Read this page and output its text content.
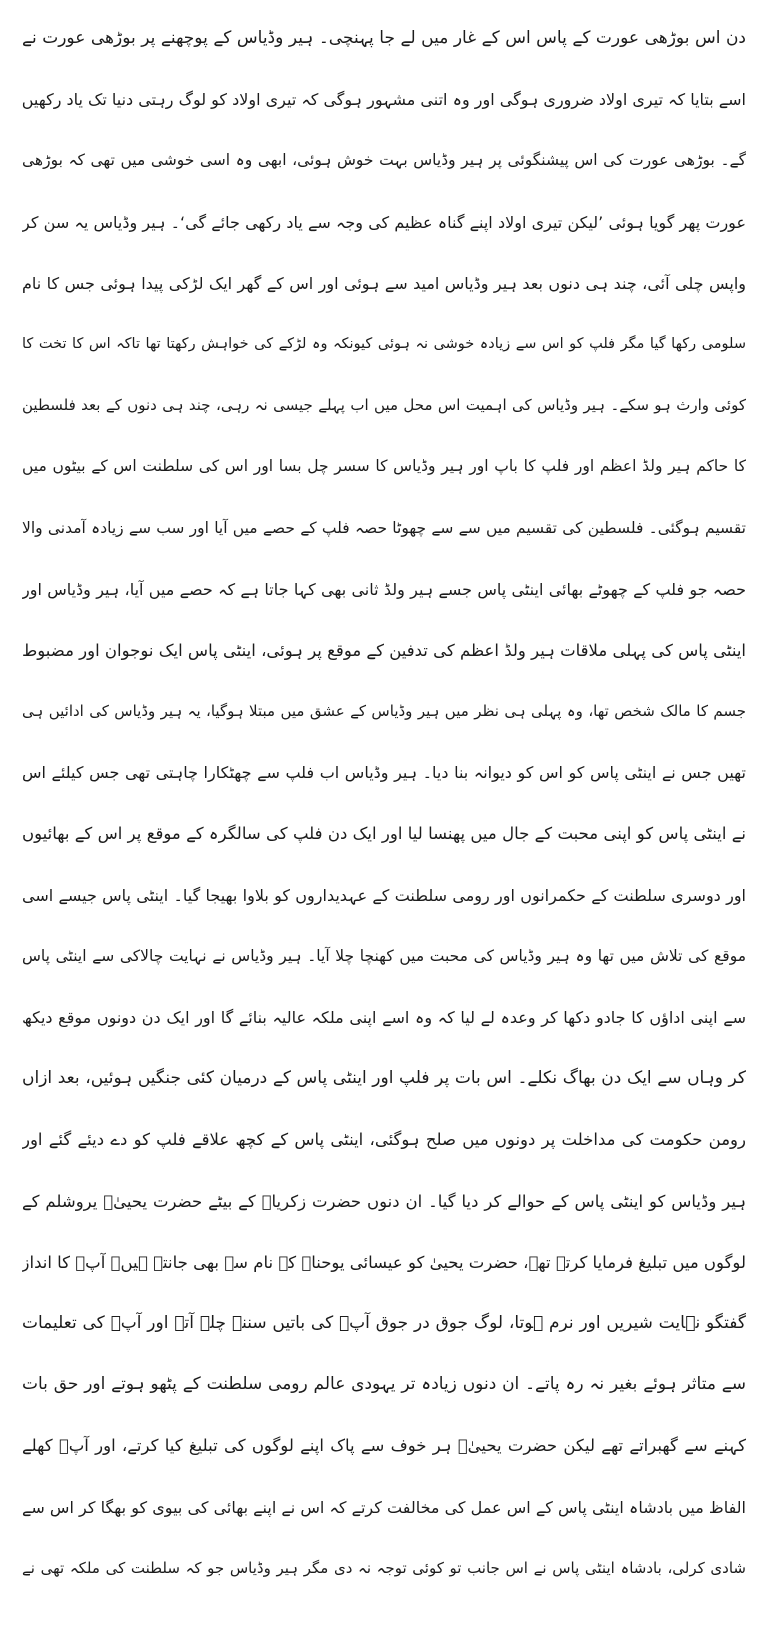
دن اس بوڑھی عورت کے پاس اس کے غار میں لے جا پہنچی۔ ہیر وڈیاس کے پوچھنے پر بوڑھی عورت نے
اسے بتایا کہ تیری اولاد ضروری ہوگی اور وہ اتنی مشہور ہوگی کہ تیری اولاد کو لوگ رہتی دنیا تک یاد رکھیں
گے۔ بوڑھی عورت کی اس پیشنگوئی پر ہیر وڈیاس بہت خوش ہوئی، ابھی وہ اسی خوشی میں تھی کہ بوڑھی
عورت پھر گویا ہوئی ’لیکن تیری اولاد اپنے گناہ عظیم کی وجہ سے یاد رکھی جائے گی‘۔ ہیر وڈیاس یہ سن کر
واپس چلی آئی، چند ہی دنوں بعد ہیر وڈیاس امید سے ہوئی اور اس کے گھر ایک لڑکی پیدا ہوئی جس کا نام
سلومی رکھا گیا مگر فلپ کو اس سے زیادہ خوشی نہ ہوئی کیونکہ وہ لڑکے کی خواہش رکھتا تھا تاکہ اس کا تخت کا
کوئی وارث ہو سکے۔ ہیر وڈیاس کی اہمیت اس محل میں اب پہلے جیسی نہ رہی، چند ہی دنوں کے بعد فلسطین
کا حاکم ہیر ولڈ اعظم اور فلپ کا باپ اور ہیر وڈیاس کا سسر چل بسا اور اس کی سلطنت اس کے بیٹوں میں
تقسیم ہوگئی۔ فلسطین کی تقسیم میں سے سے چھوٹا حصہ فلپ کے حصے میں آیا اور سب سے زیادہ آمدنی والا
حصہ جو فلپ کے چھوٹے بھائی اینٹی پاس جسے ہیر ولڈ ثانی بھی کہا جاتا ہے کہ حصے میں آیا، ہیر وڈیاس اور
اینٹی پاس کی پہلی ملاقات ہیر ولڈ اعظم کی تدفین کے موقع پر ہوئی، اینٹی پاس ایک نوجوان اور مضبوط
جسم کا مالک شخص تھا، وہ پہلی ہی نظر میں ہیر وڈیاس کے عشق میں مبتلا ہوگیا، یہ ہیر وڈیاس کی ادائیں ہی
تھیں جس نے اینٹی پاس کو اس کو دیوانہ بنا دیا۔ ہیر وڈیاس اب فلپ سے چھٹکارا چاہتی تھی جس کیلئے اس
نے اینٹی پاس کو اپنی محبت کے جال میں پھنسا لیا اور ایک دن فلپ کی سالگرہ کے موقع پر اس کے بھائیوں
اور دوسری سلطنت کے حکمرانوں اور رومی سلطنت کے عہدیداروں کو بلاوا بھیجا گیا۔ اینٹی پاس جیسے اسی
موقع کی تلاش میں تھا وہ ہیر وڈیاس کی محبت میں کھنچا چلا آیا۔ ہیر وڈیاس نے نہایت چالاکی سے اینٹی پاس
سے اپنی اداؤں کا جادو دکھا کر وعدہ لے لیا کہ وہ اسے اپنی ملکہ عالیہ بنائے گا اور ایک دن دونوں موقع دیکھ
کر وہاں سے ایک دن بھاگ نکلے۔ اس بات پر فلپ اور اینٹی پاس کے درمیان کئی جنگیں ہوئیں، بعد ازاں
رومن حکومت کی مداخلت پر دونوں میں صلح ہوگئی، اینٹی پاس کے کچھ علاقے فلپ کو دے دیئے گئے اور
ہیر وڈیاس کو اینٹی پاس کے حوالے کر دیا گیا۔ ان دنوں حضرت زکریاؑ کے بیٹے حضرت یحییٰؑ یروشلم کے
لوگوں میں تبلیغ فرمایا کرتے تھے، حضرت یحییٰ کو عیسائی یوحناؑ کے نام سے بھی جانتے ہیں۔ آپؑ کا انداز
گفتگو نہایت شیریں اور نرم ہوتا، لوگ جوق در جوق آپؑ کی باتیں سننے چلے آتے اور آپؑ کی تعلیمات
سے متاثر ہوئے بغیر نہ رہ پاتے۔ ان دنوں زیادہ تر یہودی عالم رومی سلطنت کے پٹھو ہوتے اور حق بات
کہنے سے گھبراتے تھے لیکن حضرت یحییٰؑ ہر خوف سے پاک اپنے لوگوں کی تبلیغ کیا کرتے، اور آپؑ کھلے
الفاظ میں بادشاہ اینٹی پاس کے اس عمل کی مخالفت کرتے کہ اس نے اپنے بھائی کی بیوی کو بھگا کر اس سے
شادی کرلی، بادشاہ اینٹی پاس نے اس جانب تو کوئی توجہ نہ دی مگر ہیر وڈیاس جو کہ سلطنت کی ملکہ تھی نے
